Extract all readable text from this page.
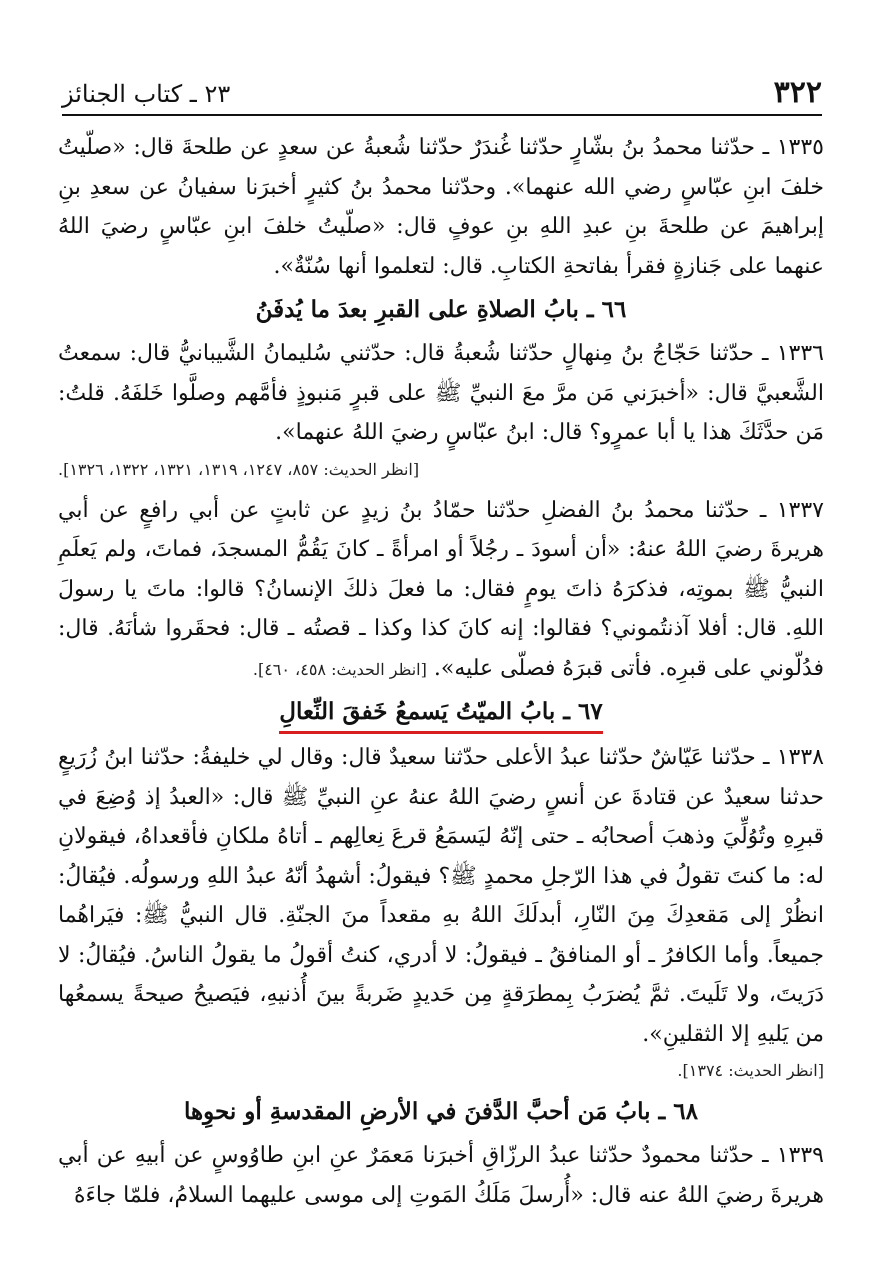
٣٢٢
٢٣ ـ كتاب الجنائز

١٣٣٥ ـ حدّثنا محمدُ بنُ بشّارٍ حدّثنا غُندَرٌ حدّثنا شُعبةُ عن سعدٍ عن طلحةَ قال: «صلّيتُ خلفَ ابنِ عبّاسٍ رضي الله عنهما». وحدّثنا محمدُ بنُ كثيرٍ أخبرَنا سفيانُ عن سعدِ بنِ إبراهيمَ عن طلحةَ بنِ عبدِ اللهِ بنِ عوفٍ قال: «صلّيتُ خلفَ ابنِ عبّاسٍ رضيَ اللهُ عنهما على جَنازةٍ فقرأ بفاتحةِ الكتابِ. قال: لتعلموا أنها سُنّةٌ».

٦٦ ـ بابُ الصلاةِ على القبرِ بعدَ ما يُدفَنُ

١٣٣٦ ـ حدّثنا حَجّاجُ بنُ مِنهالٍ حدّثنا شُعبةُ قال: حدّثني سُليمانُ الشَّيبانيُّ قال: سمعتُ الشَّعبيَّ قال: «أخبرَني مَن مرَّ معَ النبيِّ ﷺ على قبرٍ مَنبوذٍ فأمَّهم وصلَّوا خَلفَهُ. قلتُ: مَن حدَّثَكَ هذا يا أبا عمرٍو؟ قال: ابنُ عبّاسٍ رضيَ اللهُ عنهما».

[انظر الحديث: ٨٥٧، ١٢٤٧، ١٣١٩، ١٣٢١، ١٣٢٢، ١٣٢٦].

١٣٣٧ ـ حدّثنا محمدُ بنُ الفضلِ حدّثنا حمّادُ بنُ زيدٍ عن ثابتٍ عن أبي رافعٍ عن أبي هريرةَ رضيَ اللهُ عنهُ: «أن أسودَ ـ رجُلاً أو امرأةً ـ كانَ يَقُمُّ المسجدَ، فماتَ، ولم يَعلَمِ النبيُّ ﷺ بموتِه، فذكرَهُ ذاتَ يومٍ فقال: ما فعلَ ذلكَ الإنسانُ؟ قالوا: ماتَ يا رسولَ اللهِ. قال: أفلا آذنتُموني؟ فقالوا: إنه كانَ كذا وكذا ـ قصتُه ـ قال: فحقَروا شأنَهُ. قال: فدُلّوني على قبرِه. فأتى قبرَهُ فصلّى عليه». [انظر الحديث: ٤٥٨، ٤٦٠].

٦٧ ـ بابُ الميّتُ يَسمعُ خَفقَ النِّعالِ

١٣٣٨ ـ حدّثنا عَيّاشٌ حدّثنا عبدُ الأعلى حدّثنا سعيدٌ قال: وقال لي خليفةُ: حدّثنا ابنُ زُرَيعٍ حدثنا سعيدٌ عن قتادةَ عن أنسٍ رضيَ اللهُ عنهُ عنِ النبيِّ ﷺ قال: «العبدُ إذ وُضِعَ في قبرِهِ وتُوُلِّيَ وذهبَ أصحابُه ـ حتى إنّهُ ليَسمَعُ قرعَ نِعالِهم ـ أتاهُ ملكانِ فأقعداهُ، فيقولانِ له: ما كنتَ تقولُ في هذا الرّجلِ محمدٍ ﷺ؟ فيقولُ: أشهدُ أنّهُ عبدُ اللهِ ورسولُه. فيُقالُ: انظُرْ إلى مَقعدِكَ مِنَ النّارِ، أبدلَكَ اللهُ بهِ مقعداً منَ الجنّةِ. قال النبيُّ ﷺ: فيَراهُما جميعاً. وأما الكافرُ ـ أو المنافقُ ـ فيقولُ: لا أدري، كنتُ أقولُ ما يقولُ الناسُ. فيُقالُ: لا دَرَيتَ، ولا تَلَيتَ. ثمَّ يُضرَبُ بِمطرَقةٍ مِن حَديدٍ ضَربةً بينَ أُذنيهِ، فيَصيحُ صيحةً يسمعُها من يَليهِ إلا الثقلينِ».

[انظر الحديث: ١٣٧٤].
٦٨ ـ بابُ مَن أحبَّ الدَّفنَ في الأرضِ المقدسةِ أو نحوِها

١٣٣٩ ـ حدّثنا محمودٌ حدّثنا عبدُ الرزّاقِ أخبرَنا مَعمَرٌ عنِ ابنِ طاوُوسٍ عن أبيهِ عن أبي هريرةَ رضيَ اللهُ عنه قال: «أُرسلَ مَلَكُ المَوتِ إلى موسى عليهما السلامُ، فلمّا جاءَهُ
